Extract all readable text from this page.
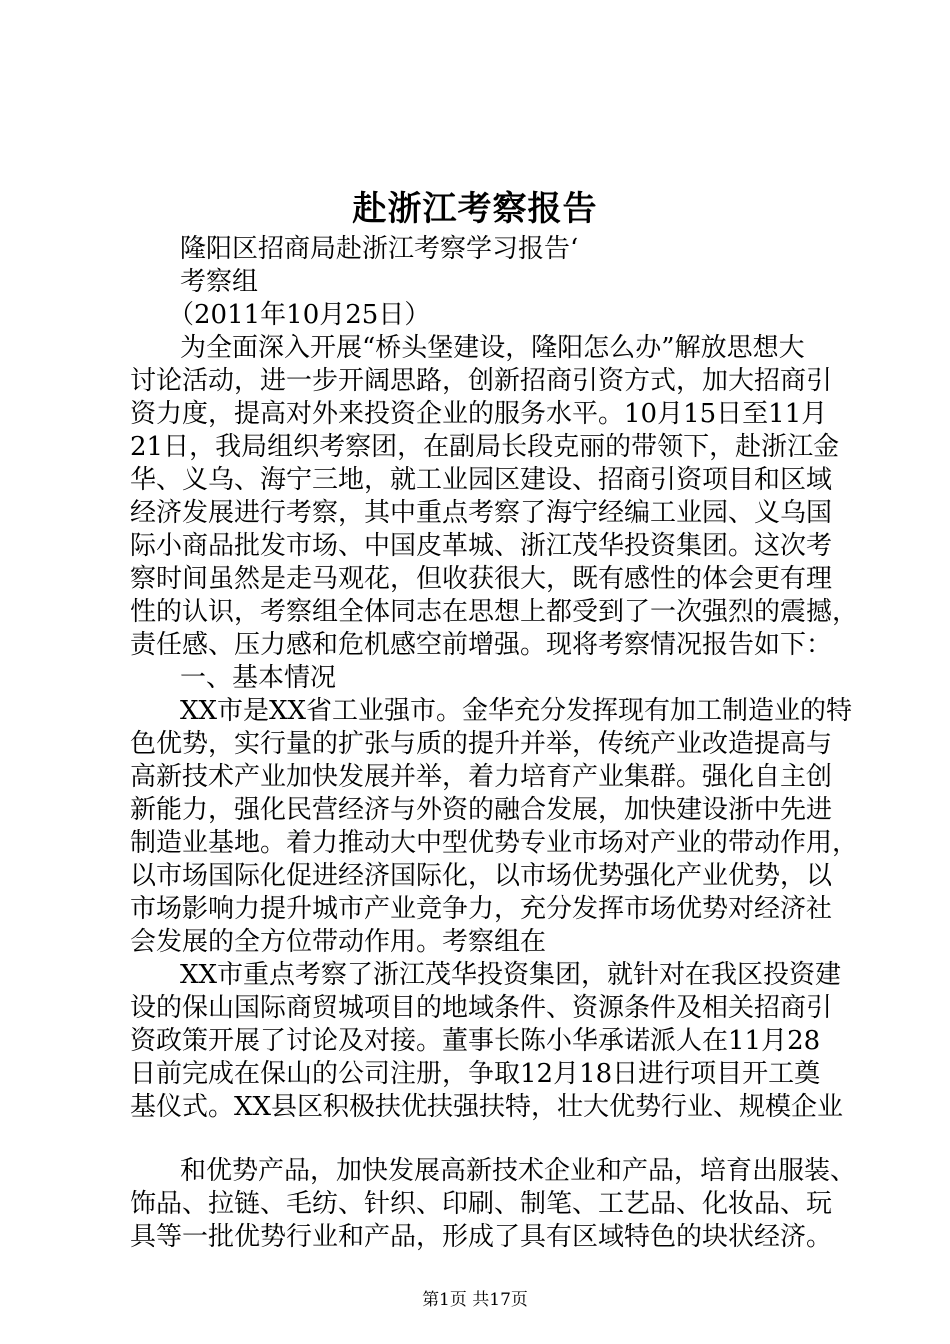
赴浙江考察报告
隆阳区招商局赴浙江考察学习报告‘
考察组
（2011年10月25日）
为全面深入开展“桥头堡建设，隆阳怎么办”解放思想大
讨论活动，进一步开阔思路，创新招商引资方式，加大招商引
资力度，提高对外来投资企业的服务水平。10月15日至11月
21日，我局组织考察团，在副局长段克丽的带领下，赴浙江金
华、义乌、海宁三地，就工业园区建设、招商引资项目和区域
经济发展进行考察，其中重点考察了海宁经编工业园、义乌国
际小商品批发市场、中国皮革城、浙江茂华投资集团。这次考
察时间虽然是走马观花，但收获很大，既有感性的体会更有理
性的认识，考察组全体同志在思想上都受到了一次强烈的震撼，
责任感、压力感和危机感空前增强。现将考察情况报告如下：
一、基本情况
XX市是XX省工业强市。金华充分发挥现有加工制造业的特
色优势，实行量的扩张与质的提升并举，传统产业改造提高与
高新技术产业加快发展并举，着力培育产业集群。强化自主创
新能力，强化民营经济与外资的融合发展，加快建设浙中先进
制造业基地。着力推动大中型优势专业市场对产业的带动作用，
以市场国际化促进经济国际化，以市场优势强化产业优势，以
市场影响力提升城市产业竞争力，充分发挥市场优势对经济社
会发展的全方位带动作用。考察组在
XX市重点考察了浙江茂华投资集团，就针对在我区投资建
设的保山国际商贸城项目的地域条件、资源条件及相关招商引
资政策开展了讨论及对接。董事长陈小华承诺派人在11月28
日前完成在保山的公司注册，争取12月18日进行项目开工奠
基仪式。XX县区积极扶优扶强扶特，壮大优势行业、规模企业
和优势产品，加快发展高新技术企业和产品，培育出服装、
饰品、拉链、毛纺、针织、印刷、制笔、工艺品、化妆品、玩
具等一批优势行业和产品，形成了具有区域特色的块状经济。
第1页 共17页
